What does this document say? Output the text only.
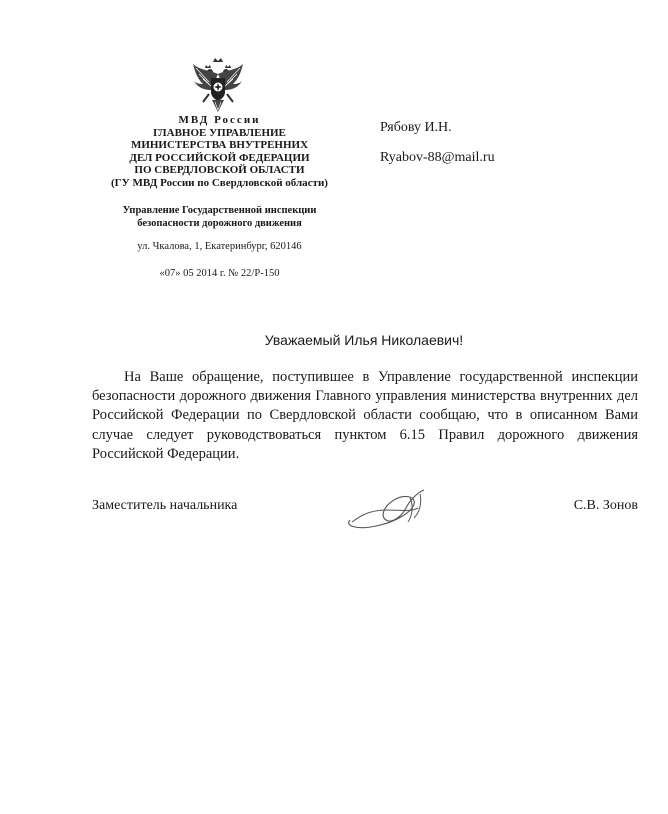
МВД России
ГЛАВНОЕ УПРАВЛЕНИЕ
МИНИСТЕРСТВА ВНУТРЕННИХ
ДЕЛ РОССИЙСКОЙ ФЕДЕРАЦИИ
ПО СВЕРДЛОВСКОЙ ОБЛАСТИ
(ГУ МВД России по Свердловской области)
Управление Государственной инспекции
безопасности дорожного движения
ул. Чкалова, 1, Екатеринбург, 620146
«07» 05 2014 г. № 22/Р-150
Рябову И.Н.
Ryabov-88@mail.ru
Уважаемый Илья Николаевич!

На Ваше обращение, поступившее в Управление государственной инспекции безопасности дорожного движения Главного управления министерства внутренних дел Российской Федерации по Свердловской области сообщаю, что в описанном Вами случае следует руководствоваться пунктом 6.15 Правил дорожного движения Российской Федерации.

Заместитель начальника	С.В. Зонов
